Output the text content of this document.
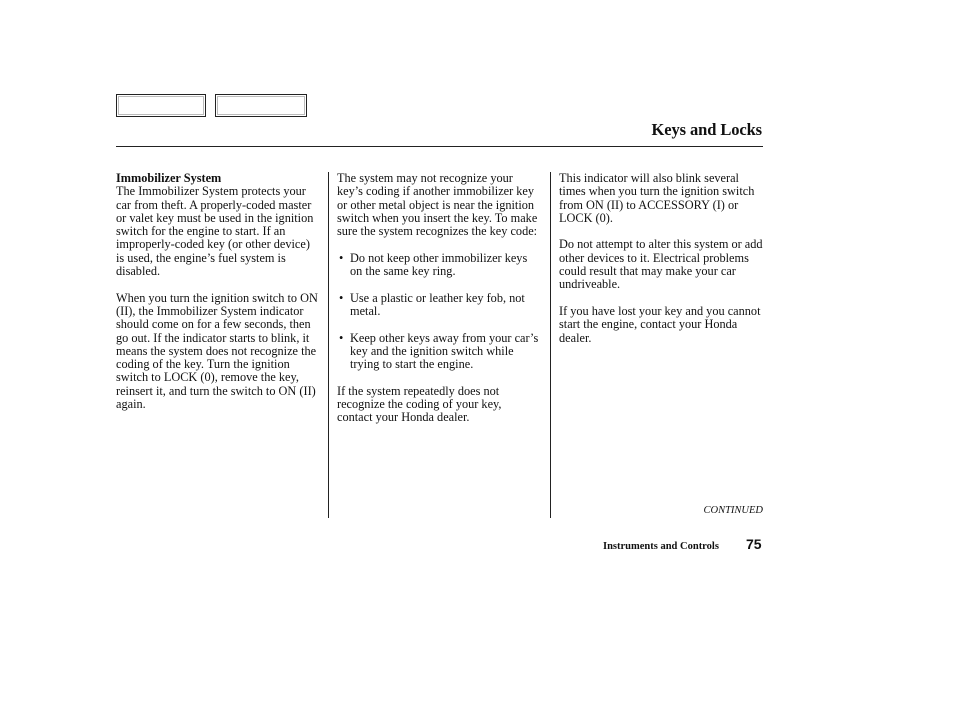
Keys and Locks
Immobilizer System

The Immobilizer System protects your car from theft. A properly-coded master or valet key must be used in the ignition switch for the engine to start. If an improperly-coded key (or other device) is used, the engine’s fuel system is disabled.

When you turn the ignition switch to ON (II), the Immobilizer System indicator should come on for a few seconds, then go out. If the indicator starts to blink, it means the system does not recognize the coding of the key. Turn the ignition switch to LOCK (0), remove the key, reinsert it, and turn the switch to ON (II) again.

The system may not recognize your key’s coding if another immobilizer key or other metal object is near the ignition switch when you insert the key. To make sure the system recognizes the key code:

• Do not keep other immobilizer keys on the same key ring.
• Use a plastic or leather key fob, not metal.
• Keep other keys away from your car’s key and the ignition switch while trying to start the engine.

If the system repeatedly does not recognize the coding of your key, contact your Honda dealer.

This indicator will also blink several times when you turn the ignition switch from ON (II) to ACCESSORY (I) or LOCK (0).

Do not attempt to alter this system or add other devices to it. Electrical problems could result that may make your car undriveable.

If you have lost your key and you cannot start the engine, contact your Honda dealer.

CONTINUED
Instruments and Controls 75
